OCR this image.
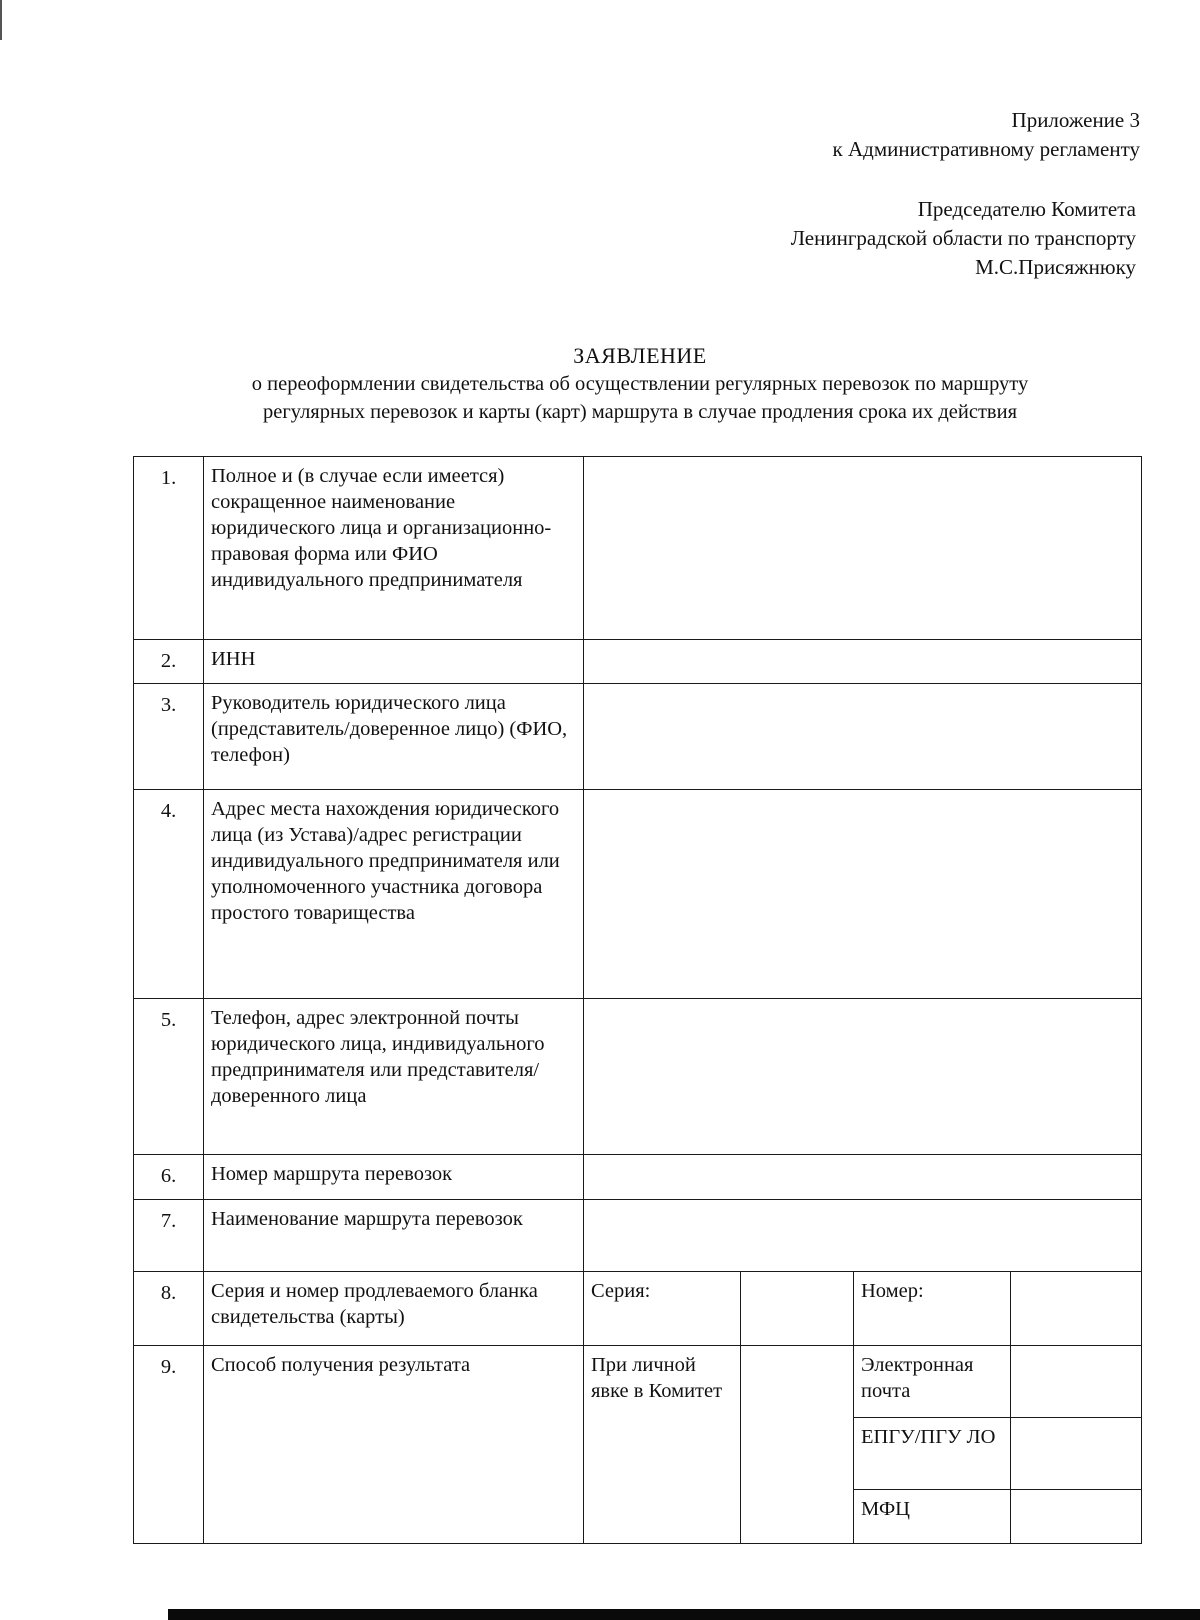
Приложение 3
к Административному регламенту
Председателю Комитета
Ленинградской области по транспорту
М.С.Присяжнюку
ЗАЯВЛЕНИЕ
о переоформлении свидетельства об осуществлении регулярных перевозок по маршруту
регулярных перевозок и карты (карт) маршрута в случае продления срока их действия
1.	Полное и (в случае если имеется) сокращенное наименование юридического лица и организационно-правовая форма или ФИО индивидуального предпринимателя				
2.	ИНН				
3.	Руководитель юридического лица (представитель/доверенное лицо) (ФИО, телефон)				
4.	Адрес места нахождения юридического лица (из Устава)/адрес регистрации индивидуального предпринимателя или уполномоченного участника договора простого товарищества				
5.	Телефон, адрес электронной почты юридического лица, индивидуального предпринимателя или представителя/доверенного лица				
6.	Номер маршрута перевозок				
7.	Наименование маршрута перевозок				
8.	Серия и номер продлеваемого бланка свидетельства (карты)	Серия:		Номер:	
9.	Способ получения результата	При личной явке в Комитет		Электронная почта	
				ЕПГУ/ПГУ ЛО	
				МФЦ	
